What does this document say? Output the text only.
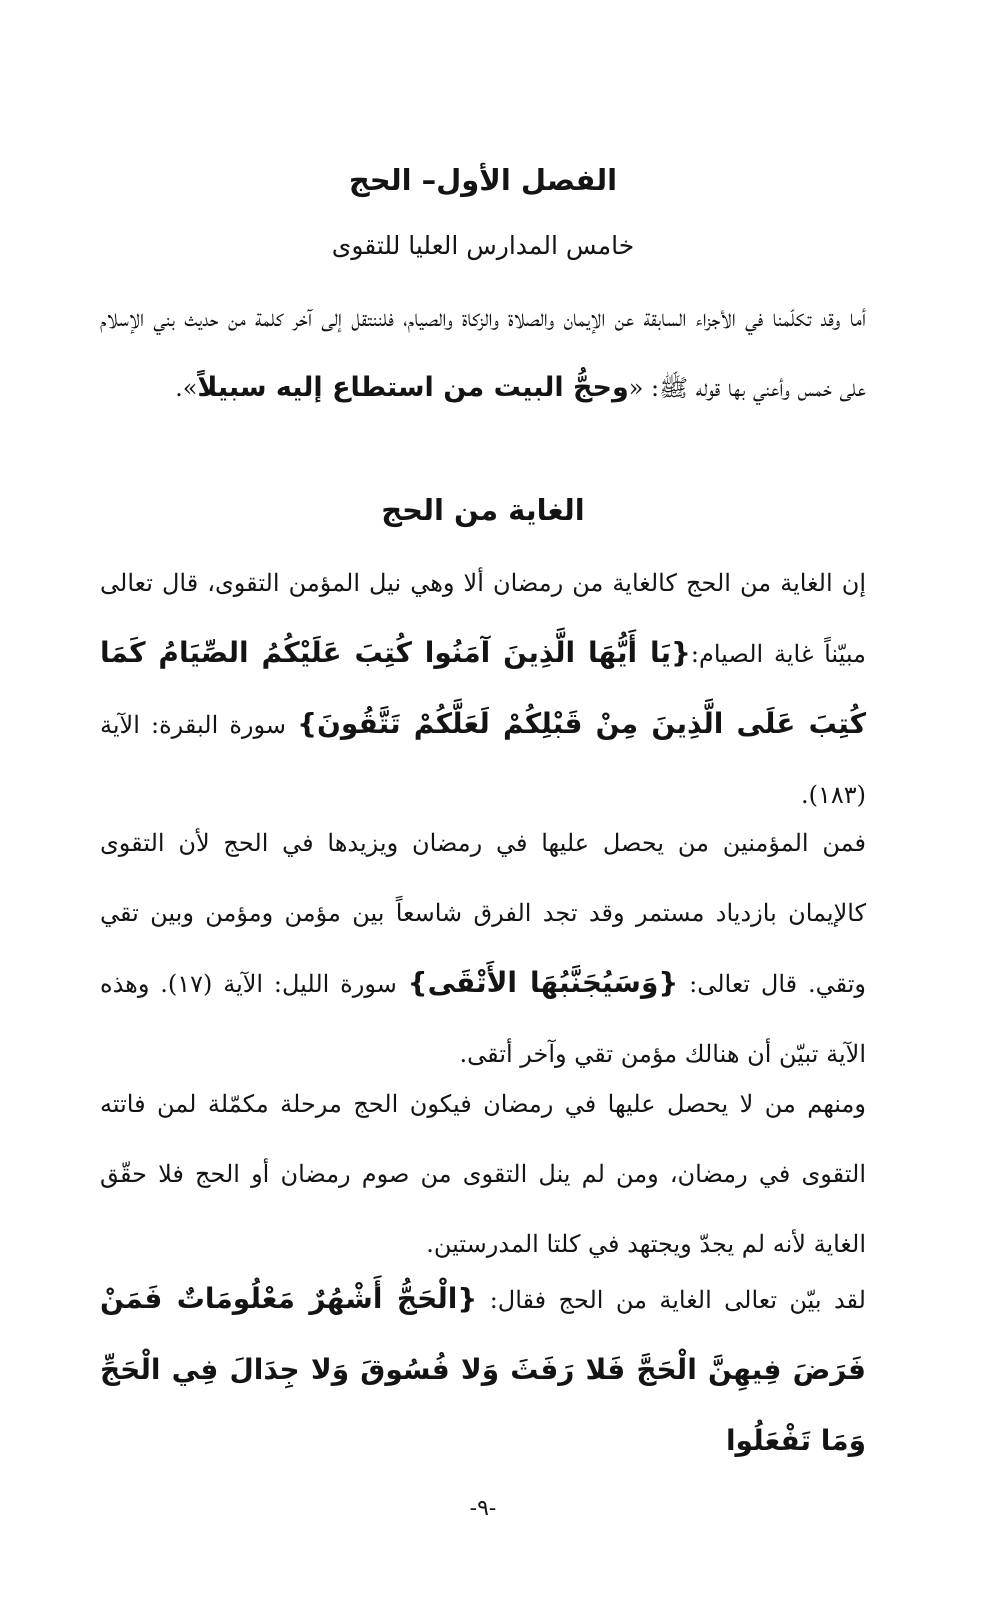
الفصل الأول– الحج
خامس المدارس العليا للتقوى
أما وقد تكلّمنا في الأجزاء السابقة عن الإيمان والصلاة والزكاة والصيام، فلننتقل إلى آخر كلمة من حديث بني الإسلام على خمس وأعني بها قوله ﷺ: «وحجُّ البيت من استطاع إليه سبيلاً».
الغاية من الحج
إن الغاية من الحج كالغاية من رمضان ألا وهي نيل المؤمن التقوى، قال تعالى مبيّناً غاية الصيام:{يَا أَيُّهَا الَّذِينَ آمَنُوا كُتِبَ عَلَيْكُمُ الصِّيَامُ كَمَا كُتِبَ عَلَى الَّذِينَ مِنْ قَبْلِكُمْ لَعَلَّكُمْ تَتَّقُونَ} سورة البقرة: الآية (١٨٣).
فمن المؤمنين من يحصل عليها في رمضان ويزيدها في الحج لأن التقوى كالإيمان بازدياد مستمر وقد تجد الفرق شاسعاً بين مؤمن ومؤمن وبين تقي وتقي. قال تعالى: {وَسَيُجَنَّبُهَا الأَتْقَى} سورة الليل: الآية (١٧). وهذه الآية تبيّن أن هنالك مؤمن تقي وآخر أتقى.
ومنهم من لا يحصل عليها في رمضان فيكون الحج مرحلة مكمّلة لمن فاتته التقوى في رمضان، ومن لم ينل التقوى من صوم رمضان أو الحج فلا حقّق الغاية لأنه لم يجدّ ويجتهد في كلتا المدرستين.
لقد بيّن تعالى الغاية من الحج فقال: {الْحَجُّ أَشْهُرٌ مَعْلُومَاتٌ فَمَنْ فَرَضَ فِيهِنَّ الْحَجَّ فَلا رَفَثَ وَلا فُسُوقَ وَلا جِدَالَ فِي الْحَجِّ وَمَا تَفْعَلُوا
-٩-
